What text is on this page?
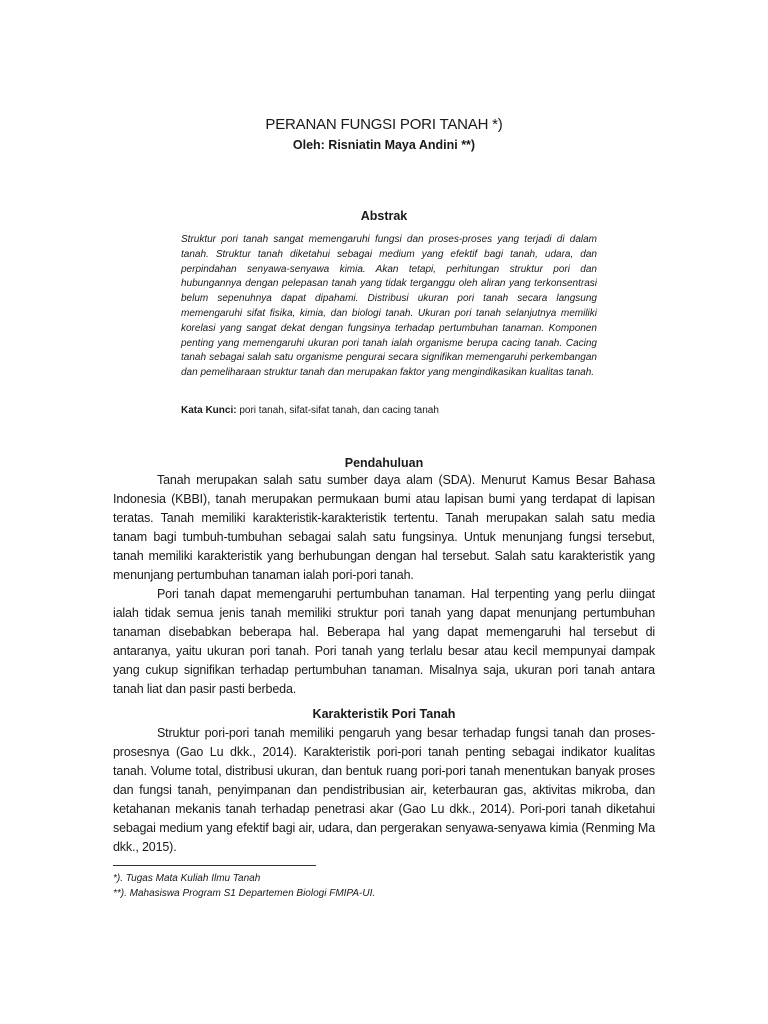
PERANAN FUNGSI PORI TANAH *)
Oleh: Risniatin Maya Andini **)
Abstrak

Struktur pori tanah sangat memengaruhi fungsi dan proses-proses yang terjadi di dalam tanah. Struktur tanah diketahui sebagai medium yang efektif bagi tanah, udara, dan perpindahan senyawa-senyawa kimia. Akan tetapi, perhitungan struktur pori dan hubungannya dengan pelepasan tanah yang tidak terganggu oleh aliran yang terkonsentrasi belum sepenuhnya dapat dipahami. Distribusi ukuran pori tanah secara langsung memengaruhi sifat fisika, kimia, dan biologi tanah. Ukuran pori tanah selanjutnya memiliki korelasi yang sangat dekat dengan fungsinya terhadap pertumbuhan tanaman. Komponen penting yang memengaruhi ukuran pori tanah ialah organisme berupa cacing tanah. Cacing tanah sebagai salah satu organisme pengurai secara signifikan memengaruhi perkembangan dan pemeliharaan struktur tanah dan merupakan faktor yang mengindikasikan kualitas tanah.

Kata Kunci: pori tanah, sifat-sifat tanah, dan cacing tanah
Pendahuluan

Tanah merupakan salah satu sumber daya alam (SDA). Menurut Kamus Besar Bahasa Indonesia (KBBI), tanah merupakan permukaan bumi atau lapisan bumi yang terdapat di lapisan teratas. Tanah memiliki karakteristik-karakteristik tertentu. Tanah merupakan salah satu media tanam bagi tumbuh-tumbuhan sebagai salah satu fungsinya. Untuk menunjang fungsi tersebut, tanah memiliki karakteristik yang berhubungan dengan hal tersebut. Salah satu karakteristik yang menunjang pertumbuhan tanaman ialah pori-pori tanah.

Pori tanah dapat memengaruhi pertumbuhan tanaman. Hal terpenting yang perlu diingat ialah tidak semua jenis tanah memiliki struktur pori tanah yang dapat menunjang pertumbuhan tanaman disebabkan beberapa hal. Beberapa hal yang dapat memengaruhi hal tersebut di antaranya, yaitu ukuran pori tanah. Pori tanah yang terlalu besar atau kecil mempunyai dampak yang cukup signifikan terhadap pertumbuhan tanaman. Misalnya saja, ukuran pori tanah antara tanah liat dan pasir pasti berbeda.

Karakteristik Pori Tanah

Struktur pori-pori tanah memiliki pengaruh yang besar terhadap fungsi tanah dan proses-prosesnya (Gao Lu dkk., 2014). Karakteristik pori-pori tanah penting sebagai indikator kualitas tanah. Volume total, distribusi ukuran, dan bentuk ruang pori-pori tanah menentukan banyak proses dan fungsi tanah, penyimpanan dan pendistribusian air, keterbauran gas, aktivitas mikroba, dan ketahanan mekanis tanah terhadap penetrasi akar (Gao Lu dkk., 2014). Pori-pori tanah diketahui sebagai medium yang efektif bagi air, udara, dan pergerakan senyawa-senyawa kimia (Renming Ma dkk., 2015).

*). Tugas Mata Kuliah Ilmu Tanah
**). Mahasiswa Program S1 Departemen Biologi FMIPA-UI.
